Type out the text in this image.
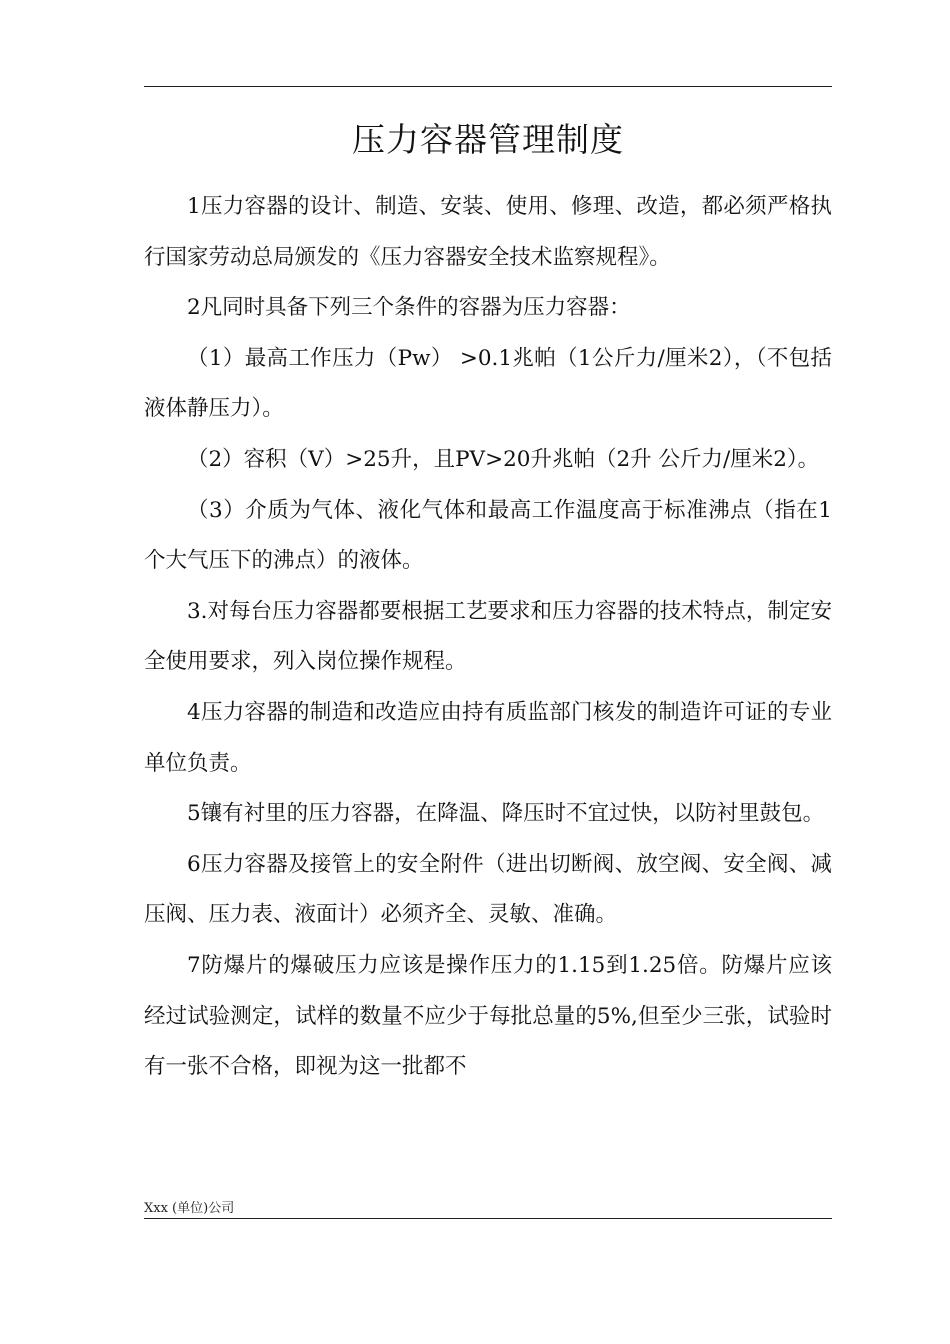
压力容器管理制度

1压力容器的设计、制造、安装、使用、修理、改造，都必须严格执行国家劳动总局颁发的《压力容器安全技术监察规程》。

2凡同时具备下列三个条件的容器为压力容器：

（1）最高工作压力（Pw） >0.1兆帕（1公斤力/厘米2），（不包括液体静压力）。

（2）容积（V）>25升，且PV>20升兆帕（2升 公斤力/厘米2）。

（3）介质为气体、液化气体和最高工作温度高于标准沸点（指在1个大气压下的沸点）的液体。

3.对每台压力容器都要根据工艺要求和压力容器的技术特点，制定安全使用要求，列入岗位操作规程。

4压力容器的制造和改造应由持有质监部门核发的制造许可证的专业单位负责。

5镶有衬里的压力容器，在降温、降压时不宜过快，以防衬里鼓包。

6压力容器及接管上的安全附件（进出切断阀、放空阀、安全阀、减压阀、压力表、液面计）必须齐全、灵敏、准确。

7防爆片的爆破压力应该是操作压力的1.15到1.25倍。防爆片应该经过试验测定，试样的数量不应少于每批总量的5%,但至少三张，试验时有一张不合格，即视为这一批都不

Xxx (单位)公司
